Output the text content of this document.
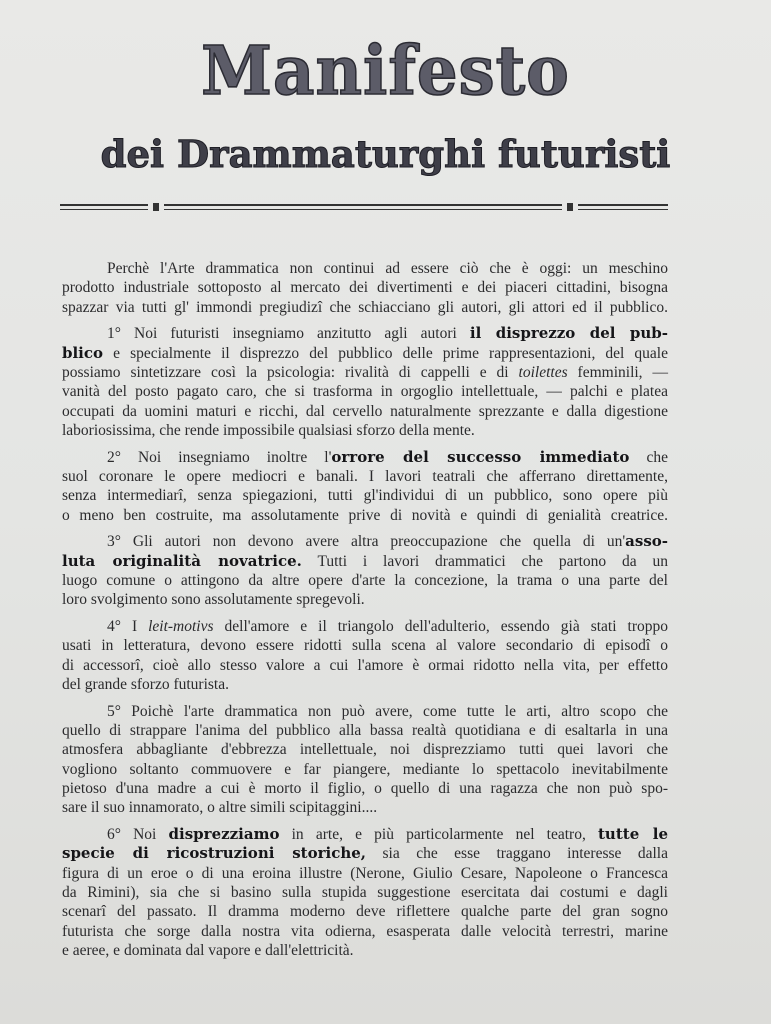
Manifesto
dei Drammaturghi futuristi
Perchè l'Arte drammatica non continui ad essere ciò che è oggi: un meschino
prodotto industriale sottoposto al mercato dei divertimenti e dei piaceri cittadini, bisogna
spazzar via tutti gl' immondi pregiudizî che schiacciano gli autori, gli attori ed il pubblico.
1° Noi futuristi insegniamo anzitutto agli autori il disprezzo del pub-
blico e specialmente il disprezzo del pubblico delle prime rappresentazioni, del quale
possiamo sintetizzare così la psicologia: rivalità di cappelli e di toilettes femminili, —
vanità del posto pagato caro, che si trasforma in orgoglio intellettuale, — palchi e platea
occupati da uomini maturi e ricchi, dal cervello naturalmente sprezzante e dalla digestione
laboriosissima, che rende impossibile qualsiasi sforzo della mente.
2° Noi insegniamo inoltre l'orrore del successo immediato che
suol coronare le opere mediocri e banali. I lavori teatrali che afferrano direttamente,
senza intermediarî, senza spiegazioni, tutti gl'individui di un pubblico, sono opere più
o meno ben costruite, ma assolutamente prive di novità e quindi di genialità creatrice.
3° Gli autori non devono avere altra preoccupazione che quella di un'asso-
luta originalità novatrice. Tutti i lavori drammatici che partono da un
luogo comune o attingono da altre opere d'arte la concezione, la trama o una parte del
loro svolgimento sono assolutamente spregevoli.
4° I leit-motivs dell'amore e il triangolo dell'adulterio, essendo già stati troppo
usati in letteratura, devono essere ridotti sulla scena al valore secondario di episodî o
di accessorî, cioè allo stesso valore a cui l'amore è ormai ridotto nella vita, per effetto
del grande sforzo futurista.
5° Poichè l'arte drammatica non può avere, come tutte le arti, altro scopo che
quello di strappare l'anima del pubblico alla bassa realtà quotidiana e di esaltarla in una
atmosfera abbagliante d'ebbrezza intellettuale, noi disprezziamo tutti quei lavori che
vogliono soltanto commuovere e far piangere, mediante lo spettacolo inevitabilmente
pietoso d'una madre a cui è morto il figlio, o quello di una ragazza che non può spo-
sare il suo innamorato, o altre simili scipitaggini....
6° Noi disprezziamo in arte, e più particolarmente nel teatro, tutte le
specie di ricostruzioni storiche, sia che esse traggano interesse dalla
figura di un eroe o di una eroina illustre (Nerone, Giulio Cesare, Napoleone o Francesca
da Rimini), sia che si basino sulla stupida suggestione esercitata dai costumi e dagli
scenarî del passato. Il dramma moderno deve riflettere qualche parte del gran sogno
futurista che sorge dalla nostra vita odierna, esasperata dalle velocità terrestri, marine
e aeree, e dominata dal vapore e dall'elettricità.
